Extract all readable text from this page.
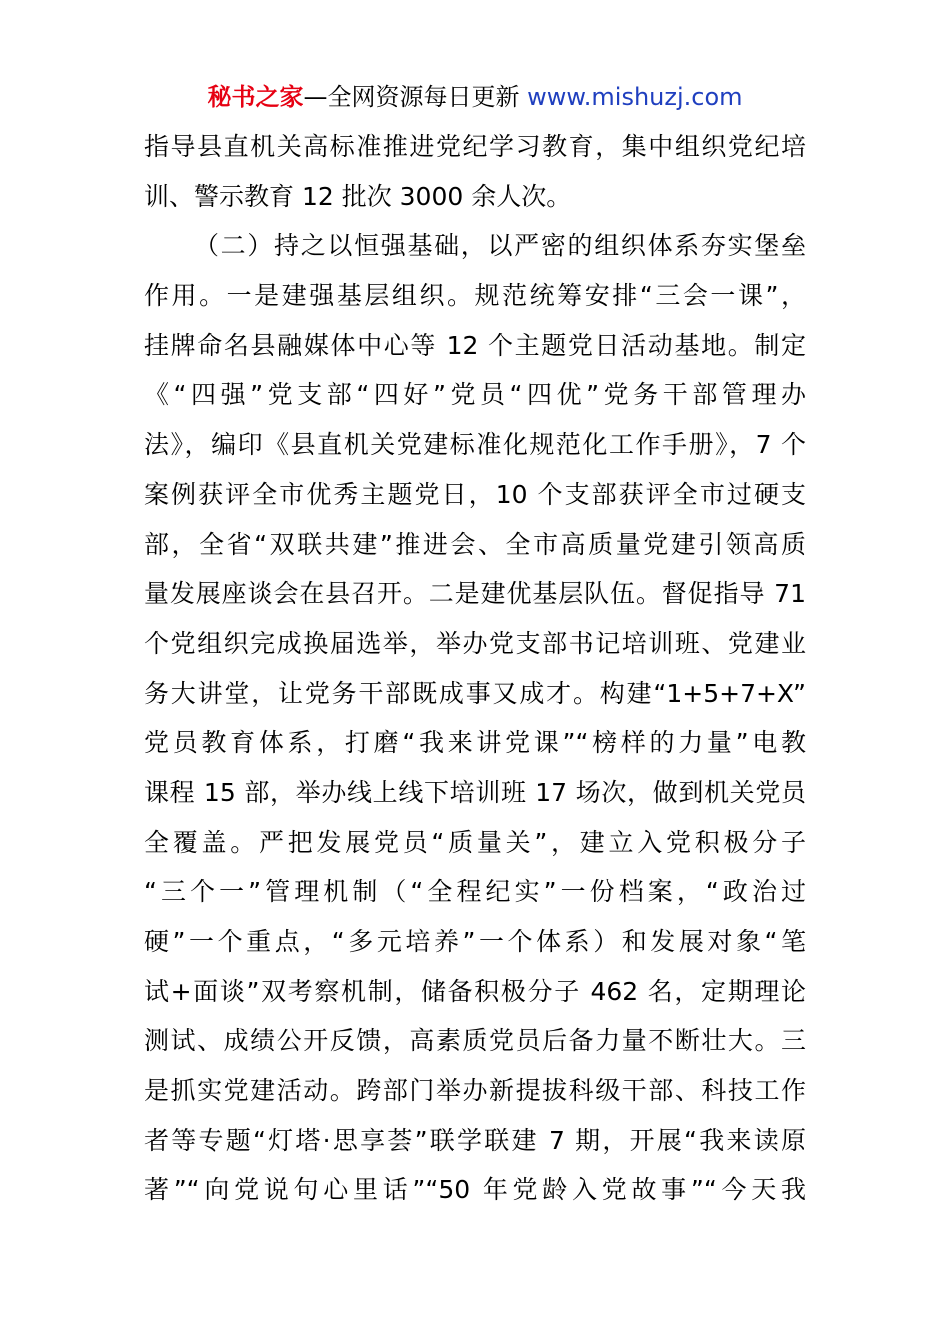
秘书之家—全网资源每日更新 www.mishuzj.com
指导县直机关高标准推进党纪学习教育，集中组织党纪培
训、警示教育 12 批次 3000 余人次。
（二）持之以恒强基础，以严密的组织体系夯实堡垒
作用。一是建强基层组织。规范统筹安排“三会一课”，
挂牌命名县融媒体中心等 12 个主题党日活动基地。制定
《“四强”党支部“四好”党员“四优”党务干部管理办
法》，编印《县直机关党建标准化规范化工作手册》，7 个
案例获评全市优秀主题党日，10 个支部获评全市过硬支
部，全省“双联共建”推进会、全市高质量党建引领高质
量发展座谈会在县召开。二是建优基层队伍。督促指导 71
个党组织完成换届选举，举办党支部书记培训班、党建业
务大讲堂，让党务干部既成事又成才。构建“1+5+7+X”
党员教育体系，打磨“我来讲党课”“榜样的力量”电教
课程 15 部，举办线上线下培训班 17 场次，做到机关党员
全覆盖。严把发展党员“质量关”，建立入党积极分子
“三个一”管理机制（“全程纪实”一份档案，“政治过
硬”一个重点，“多元培养”一个体系）和发展对象“笔
试+面谈”双考察机制，储备积极分子 462 名，定期理论
测试、成绩公开反馈，高素质党员后备力量不断壮大。三
是抓实党建活动。跨部门举办新提拔科级干部、科技工作
者等专题“灯塔·思享荟”联学联建 7 期，开展“我来读原
著”“向党说句心里话”“50 年党龄入党故事”“今天我
